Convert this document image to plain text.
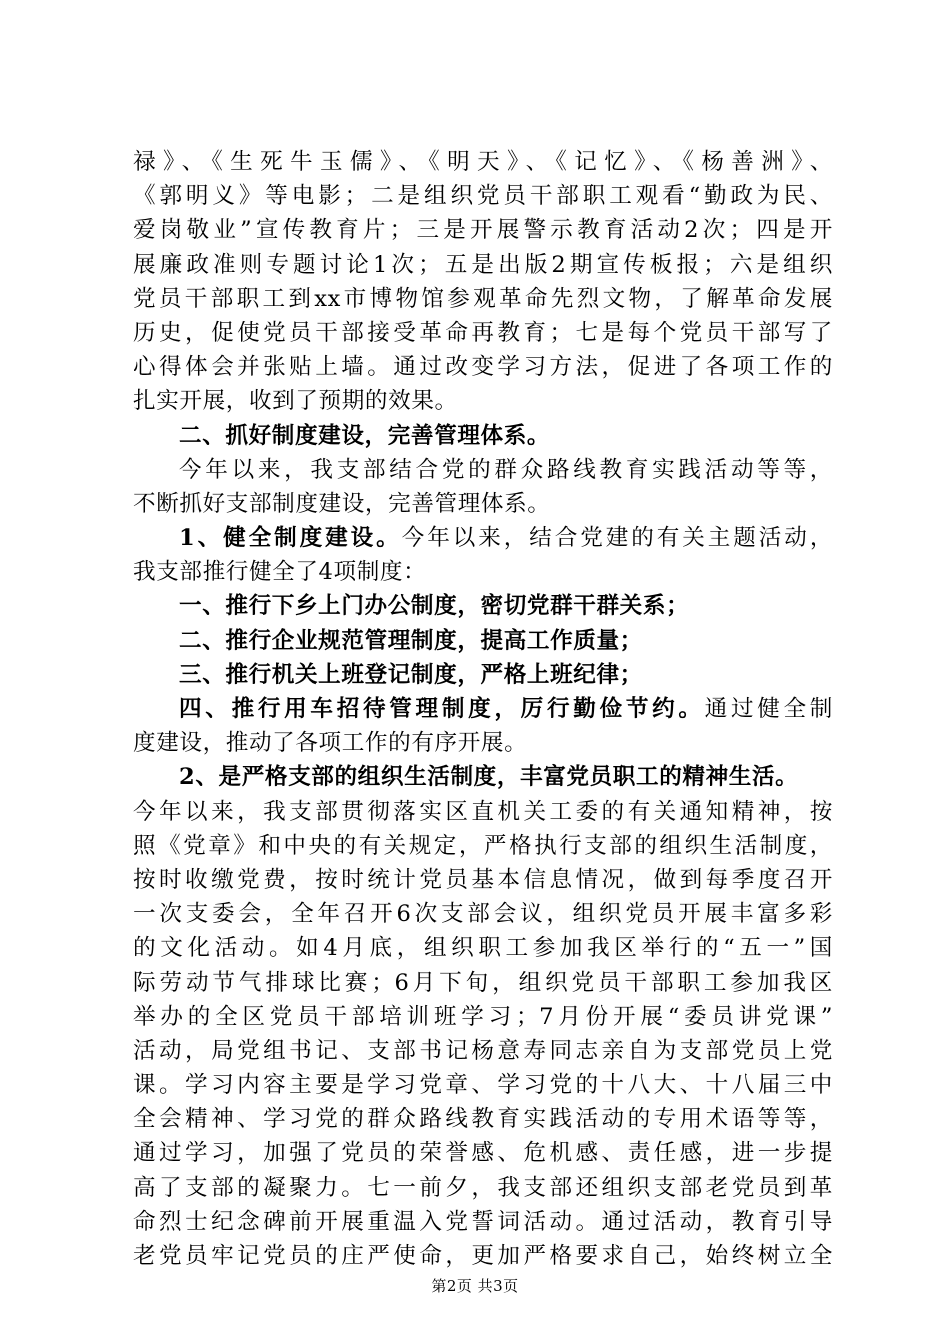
禄》、《生死牛玉儒》、《明天》、《记忆》、《杨善洲》、
《郭明义》等电影；二是组织党员干部职工观看“勤政为民、
爱岗敬业”宣传教育片；三是开展警示教育活动2次；四是开
展廉政准则专题讨论1次；五是出版2期宣传板报；六是组织
党员干部职工到xx市博物馆参观革命先烈文物，了解革命发展
历史，促使党员干部接受革命再教育；七是每个党员干部写了
心得体会并张贴上墙。通过改变学习方法，促进了各项工作的
扎实开展，收到了预期的效果。
二、抓好制度建设，完善管理体系。
今年以来，我支部结合党的群众路线教育实践活动等等，
不断抓好支部制度建设，完善管理体系。
1、健全制度建设。今年以来，结合党建的有关主题活动，
我支部推行健全了4项制度：
一、推行下乡上门办公制度，密切党群干群关系；
二、推行企业规范管理制度，提高工作质量；
三、推行机关上班登记制度，严格上班纪律；
四、推行用车招待管理制度，厉行勤俭节约。通过健全制
度建设，推动了各项工作的有序开展。
2、是严格支部的组织生活制度，丰富党员职工的精神生活。
今年以来，我支部贯彻落实区直机关工委的有关通知精神，按
照《党章》和中央的有关规定，严格执行支部的组织生活制度，
按时收缴党费，按时统计党员基本信息情况，做到每季度召开
一次支委会，全年召开6次支部会议，组织党员开展丰富多彩
的文化活动。如4月底，组织职工参加我区举行的“五一”国
际劳动节气排球比赛；6月下旬，组织党员干部职工参加我区
举办的全区党员干部培训班学习；7月份开展“委员讲党课”
活动，局党组书记、支部书记杨意寿同志亲自为支部党员上党
课。学习内容主要是学习党章、学习党的十八大、十八届三中
全会精神、学习党的群众路线教育实践活动的专用术语等等，
通过学习，加强了党员的荣誉感、危机感、责任感，进一步提
高了支部的凝聚力。七一前夕，我支部还组织支部老党员到革
命烈士纪念碑前开展重温入党誓词活动。通过活动，教育引导
老党员牢记党员的庄严使命，更加严格要求自己，始终树立全
第2页 共3页
